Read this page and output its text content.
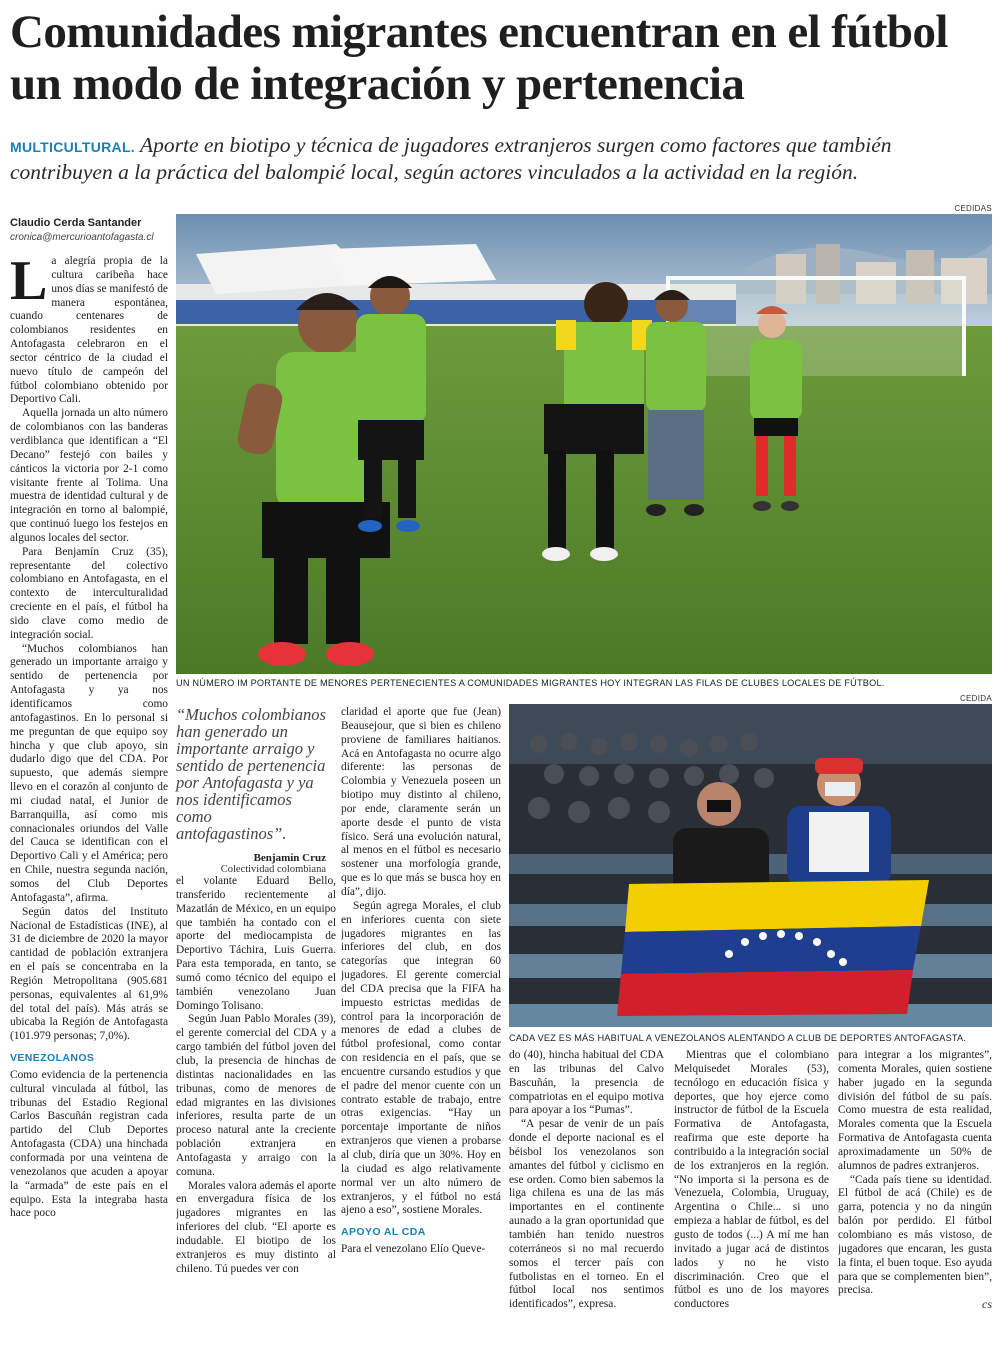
Comunidades migrantes encuentran en el fútbol un modo de integración y pertenencia

MULTICULTURAL. Aporte en biotipo y técnica de jugadores extranjeros surgen como factores que también contribuyen a la práctica del balompié local, según actores vinculados a la actividad en la región.

Claudio Cerda Santander
cronica@mercurioantofagasta.cl

La alegría propia de la cultura caribeña hace unos días se manifestó de manera espontánea, cuando centenares de colombianos residentes en Antofagasta celebraron en el sector céntrico de la ciudad el nuevo título de campeón del fútbol colombiano obtenido por Deportivo Cali.

Aquella jornada un alto número de colombianos con las banderas verdiblanca que identifican a “El Decano” festejó con bailes y cánticos la victoria por 2-1 como visitante frente al Tolima. Una muestra de identidad cultural y de integración en torno al balompié, que continuó luego los festejos en algunos locales del sector.

Para Benjamín Cruz (35), representante del colectivo colombiano en Antofagasta, en el contexto de interculturalidad creciente en el país, el fútbol ha sido clave como medio de integración social.

“Muchos colombianos han generado un importante arraigo y sentido de pertenencia por Antofagasta y ya nos identificamos como antofagastinos. En lo personal si me preguntan de que equipo soy hincha y que club apoyo, sin dudarlo digo que del CDA. Por supuesto, que además siempre llevo en el corazón al conjunto de mi ciudad natal, el Junior de Barranquilla, así como mis connacionales oriundos del Valle del Cauca se identifican con el Deportivo Cali y el América; pero en Chile, nuestra segunda nación, somos del Club Deportes Antofagasta”, afirma.

Según datos del Instituto Nacional de Estadísticas (INE), al 31 de diciembre de 2020 la mayor cantidad de población extranjera en el país se concentraba en la Región Metropolitana (905.681 personas, equivalentes al 61,9% del total del país). Más atrás se ubicaba la Región de Antofagasta (101.979 personas; 7,0%).

VENEZOLANOS

Como evidencia de la pertenencia cultural vinculada al fútbol, las tribunas del Estadio Regional Carlos Bascuñán registran cada partido del Club Deportes Antofagasta (CDA) una hinchada conformada por una veintena de venezolanos que acuden a apoyar la “armada” de este país en el equipo. Esta la integraba hasta hace poco

CEDIDAS
UN NÚMERO IM PORTANTE DE MENORES PERTENECIENTES A COMUNIDADES MIGRANTES HOY INTEGRAN LAS FILAS DE CLUBES LOCALES DE FÚTBOL.

“Muchos colombianos han generado un importante arraigo y sentido de pertenencia por Antofagasta y ya nos identificamos como antofagastinos”.

Benjamín Cruz
Colectividad colombiana

el volante Eduard Bello, transferido recientemente al Mazatlán de México, en un equipo que también ha contado con el aporte del mediocampista de Deportivo Táchira, Luis Guerra. Para esta temporada, en tanto, se sumó como técnico del equipo el también venezolano Juan Domingo Tolisano.

Según Juan Pablo Morales (39), el gerente comercial del CDA y a cargo también del fútbol joven del club, la presencia de hinchas de distintas nacionalidades en las tribunas, como de menores de edad migrantes en las divisiones inferiores, resulta parte de un proceso natural ante la creciente población extranjera en Antofagasta y arraigo con la comuna.

Morales valora además el aporte en envergadura física de los jugadores migrantes en las inferiores del club. “El aporte es indudable. El biotipo de los extranjeros es muy distinto al chileno. Tú puedes ver con

claridad el aporte que fue (Jean) Beausejour, que si bien es chileno proviene de familiares haitianos. Acá en Antofagasta no ocurre algo diferente: las personas de Colombia y Venezuela poseen un biotipo muy distinto al chileno, por ende, claramente serán un aporte desde el punto de vista físico. Será una evolución natural, al menos en el fútbol es necesario sostener una morfología grande, que es lo que más se busca hoy en día”, dijo.

Según agrega Morales, el club en inferiores cuenta con siete jugadores migrantes en las inferiores del club, en dos categorías que integran 60 jugadores. El gerente comercial del CDA precisa que la FIFA ha impuesto estrictas medidas de control para la incorporación de menores de edad a clubes de fútbol profesional, como contar con residencia en el país, que se encuentre cursando estudios y que el padre del menor cuente con un contrato estable de trabajo, entre otras exigencias. “Hay un porcentaje importante de niños extranjeros que vienen a probarse al club, diría que un 30%. Hoy en la ciudad es algo relativamente normal ver un alto número de extranjeros, y el fútbol no está ajeno a eso”, sostiene Morales.

APOYO AL CDA

Para el venezolano Elío Queve-

CEDIDA
CADA VEZ ES MÁS HABITUAL A VENEZOLANOS ALENTANDO A CLUB DE DEPORTES ANTOFAGASTA.

do (40), hincha habitual del CDA en las tribunas del Calvo Bascuñán, la presencia de compatriotas en el equipo motiva para apoyar a los “Pumas”.

“A pesar de venir de un país donde el deporte nacional es el béisbol los venezolanos son amantes del fútbol y ciclismo en ese orden. Como bien sabemos la liga chilena es una de las más importantes en el continente aunado a la gran oportunidad que también han tenido nuestros coterráneos si no mal recuerdo somos el tercer país con futbolistas en el torneo. En el fútbol local nos sentimos identificados”, expresa.

Mientras que el colombiano Melquisedet Morales (53), tecnólogo en educación física y deportes, que hoy ejerce como instructor de fútbol de la Escuela Formativa de Antofagasta, reafirma que este deporte ha contribuido a la integración social de los extranjeros en la región. “No importa si la persona es de Venezuela, Colombia, Uruguay, Argentina o Chile... si uno empieza a hablar de fútbol, es del gusto de todos (...) A mí me han invitado a jugar acá de distintos lados y no he visto discriminación. Creo que el fútbol es uno de los mayores conductores

para integrar a los migrantes”, comenta Morales, quien sostiene haber jugado en la segunda división del fútbol de su país. Como muestra de esta realidad, Morales comenta que la Escuela Formativa de Antofagasta cuenta aproximadamente un 50% de alumnos de padres extranjeros.

“Cada país tiene su identidad. El fútbol de acá (Chile) es de garra, potencia y no da ningún balón por perdido. El fútbol colombiano es más vistoso, de jugadores que encaran, les gusta la finta, el buen toque. Eso ayuda para que se complementen bien”, precisa.

cs
